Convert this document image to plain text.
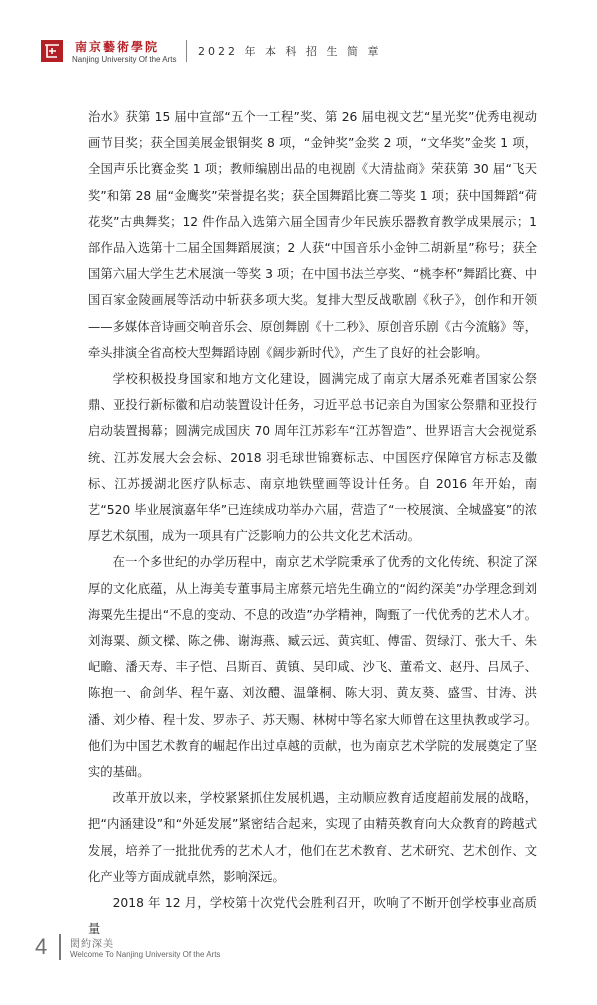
南京藝術學院
Nanjing University Of the Arts
2022 年 本 科 招 生 简 章

治水》获第 15 届中宣部“五个一工程”奖、第 26 届电视文艺“星光奖”优秀电视动画节目奖；获全国美展金银铜奖 8 项，“金钟奖”金奖 2 项，“文华奖”金奖 1 项，全国声乐比赛金奖 1 项；教师编剧出品的电视剧《大清盐商》荣获第 30 届“飞天奖”和第 28 届“金鹰奖”荣誉提名奖；获全国舞蹈比赛二等奖 1 项；获中国舞蹈“荷花奖”古典舞奖；12 件作品入选第六届全国青少年民族乐器教育教学成果展示；1 部作品入选第十二届全国舞蹈展演；2 人获“中国音乐小金钟二胡新星”称号；获全国第六届大学生艺术展演一等奖 3 项；在中国书法兰亭奖、“桃李杯”舞蹈比赛、中国百家金陵画展等活动中斩获多项大奖。复排大型反战歌剧《秋子》，创作和开领——多媒体音诗画交响音乐会、原创舞剧《十二秒》、原创音乐剧《古今流觞》等，牵头排演全省高校大型舞蹈诗剧《阔步新时代》，产生了良好的社会影响。

学校积极投身国家和地方文化建设，圆满完成了南京大屠杀死难者国家公祭鼎、亚投行新标徽和启动装置设计任务，习近平总书记亲自为国家公祭鼎和亚投行启动装置揭幕；圆满完成国庆 70 周年江苏彩车“江苏智造”、世界语言大会视觉系统、江苏发展大会会标、2018 羽毛球世锦赛标志、中国医疗保障官方标志及徽标、江苏援湖北医疗队标志、南京地铁壁画等设计任务。自 2016 年开始，南艺“520 毕业展演嘉年华”已连续成功举办六届，营造了“一校展演、全城盛宴”的浓厚艺术氛围，成为一项具有广泛影响力的公共文化艺术活动。

在一个多世纪的办学历程中，南京艺术学院秉承了优秀的文化传统、积淀了深厚的文化底蕴，从上海美专董事局主席蔡元培先生确立的“闳约深美”办学理念到刘海粟先生提出“不息的变动、不息的改造”办学精神，陶甄了一代优秀的艺术人才。刘海粟、颜文樑、陈之佛、谢海燕、臧云远、黄宾虹、傅雷、贺绿汀、张大千、朱屺瞻、潘天寿、丰子恺、吕斯百、黄镇、吴印咸、沙飞、董希文、赵丹、吕凤子、陈抱一、俞剑华、程午嘉、刘汝醴、温肇桐、陈大羽、黄友葵、盛雪、甘涛、洪潘、刘少椿、程十发、罗赤子、苏天赐、林树中等名家大师曾在这里执教或学习。他们为中国艺术教育的崛起作出过卓越的贡献，也为南京艺术学院的发展奠定了坚实的基础。

改革开放以来，学校紧紧抓住发展机遇，主动顺应教育适度超前发展的战略，把“内涵建设”和“外延发展”紧密结合起来，实现了由精英教育向大众教育的跨越式发展，培养了一批批优秀的艺术人才，他们在艺术教育、艺术研究、艺术创作、文化产业等方面成就卓然，影响深远。

2018 年 12 月，学校第十次党代会胜利召开，吹响了不断开创学校事业高质量

4 閎約深美
Welcome To Nanjing University Of the Arts
